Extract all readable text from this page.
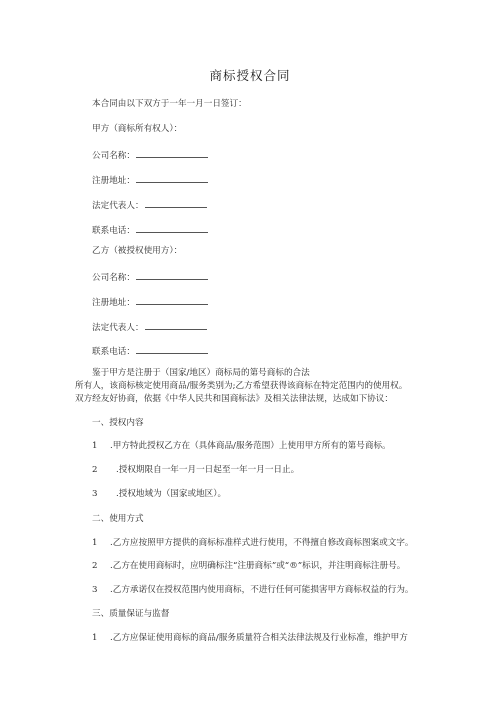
商标授权合同
本合同由以下双方于一年一月一日签订：
甲方（商标所有权人）：
公司名称：
注册地址：
法定代表人：
联系电话：
乙方（被授权使用方）：
公司名称：
注册地址：
法定代表人：
联系电话：
鉴于甲方是注册于（国家/地区）商标局的第号商标的合法
所有人，该商标核定使用商品/服务类别为;乙方希望获得该商标在特定范围内的使用权。
双方经友好协商，依据《中华人民共和国商标法》及相关法律法规，达成如下协议：
一、授权内容
1 .甲方特此授权乙方在（具体商品/服务范围）上使用甲方所有的第号商标。
2 .授权期限自一年一月一日起至一年一月一日止。
3 .授权地域为（国家或地区）。
二、使用方式
1 .乙方应按照甲方提供的商标标准样式进行使用，不得擅自修改商标图案或文字。
2 .乙方在使用商标时，应明确标注“注册商标”或“®”标识，并注明商标注册号。
3 .乙方承诺仅在授权范围内使用商标，不进行任何可能损害甲方商标权益的行为。
三、质量保证与监督
1 .乙方应保证使用商标的商品/服务质量符合相关法律法规及行业标准，维护甲方
